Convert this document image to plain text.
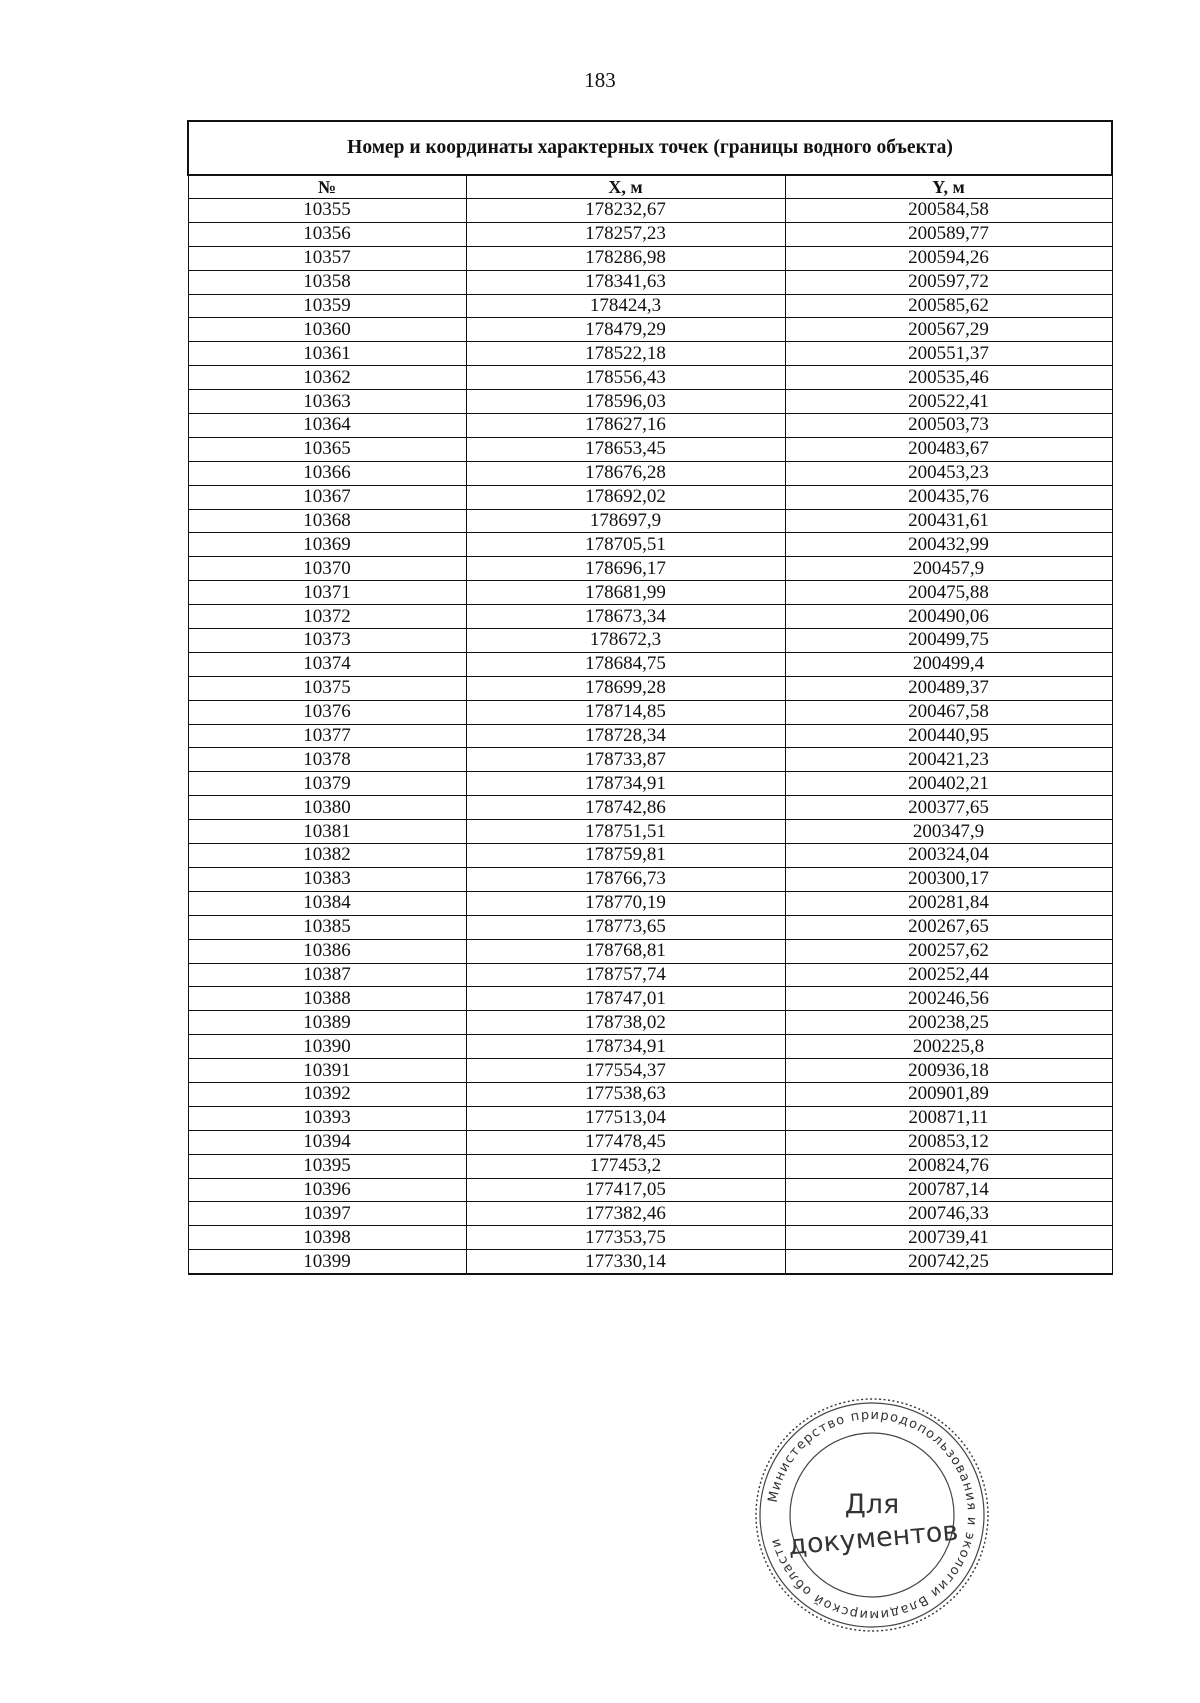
183
Номер и координаты характерных точек (границы водного объекта)		
№	X, м	Y, м
10355	178232,67	200584,58
10356	178257,23	200589,77
10357	178286,98	200594,26
10358	178341,63	200597,72
10359	178424,3	200585,62
10360	178479,29	200567,29
10361	178522,18	200551,37
10362	178556,43	200535,46
10363	178596,03	200522,41
10364	178627,16	200503,73
10365	178653,45	200483,67
10366	178676,28	200453,23
10367	178692,02	200435,76
10368	178697,9	200431,61
10369	178705,51	200432,99
10370	178696,17	200457,9
10371	178681,99	200475,88
10372	178673,34	200490,06
10373	178672,3	200499,75
10374	178684,75	200499,4
10375	178699,28	200489,37
10376	178714,85	200467,58
10377	178728,34	200440,95
10378	178733,87	200421,23
10379	178734,91	200402,21
10380	178742,86	200377,65
10381	178751,51	200347,9
10382	178759,81	200324,04
10383	178766,73	200300,17
10384	178770,19	200281,84
10385	178773,65	200267,65
10386	178768,81	200257,62
10387	178757,74	200252,44
10388	178747,01	200246,56
10389	178738,02	200238,25
10390	178734,91	200225,8
10391	177554,37	200936,18
10392	177538,63	200901,89
10393	177513,04	200871,11
10394	177478,45	200853,12
10395	177453,2	200824,76
10396	177417,05	200787,14
10397	177382,46	200746,33
10398	177353,75	200739,41
10399	177330,14	200742,25
Министерство природопользования и экологии Владимирской области
Для
документов
